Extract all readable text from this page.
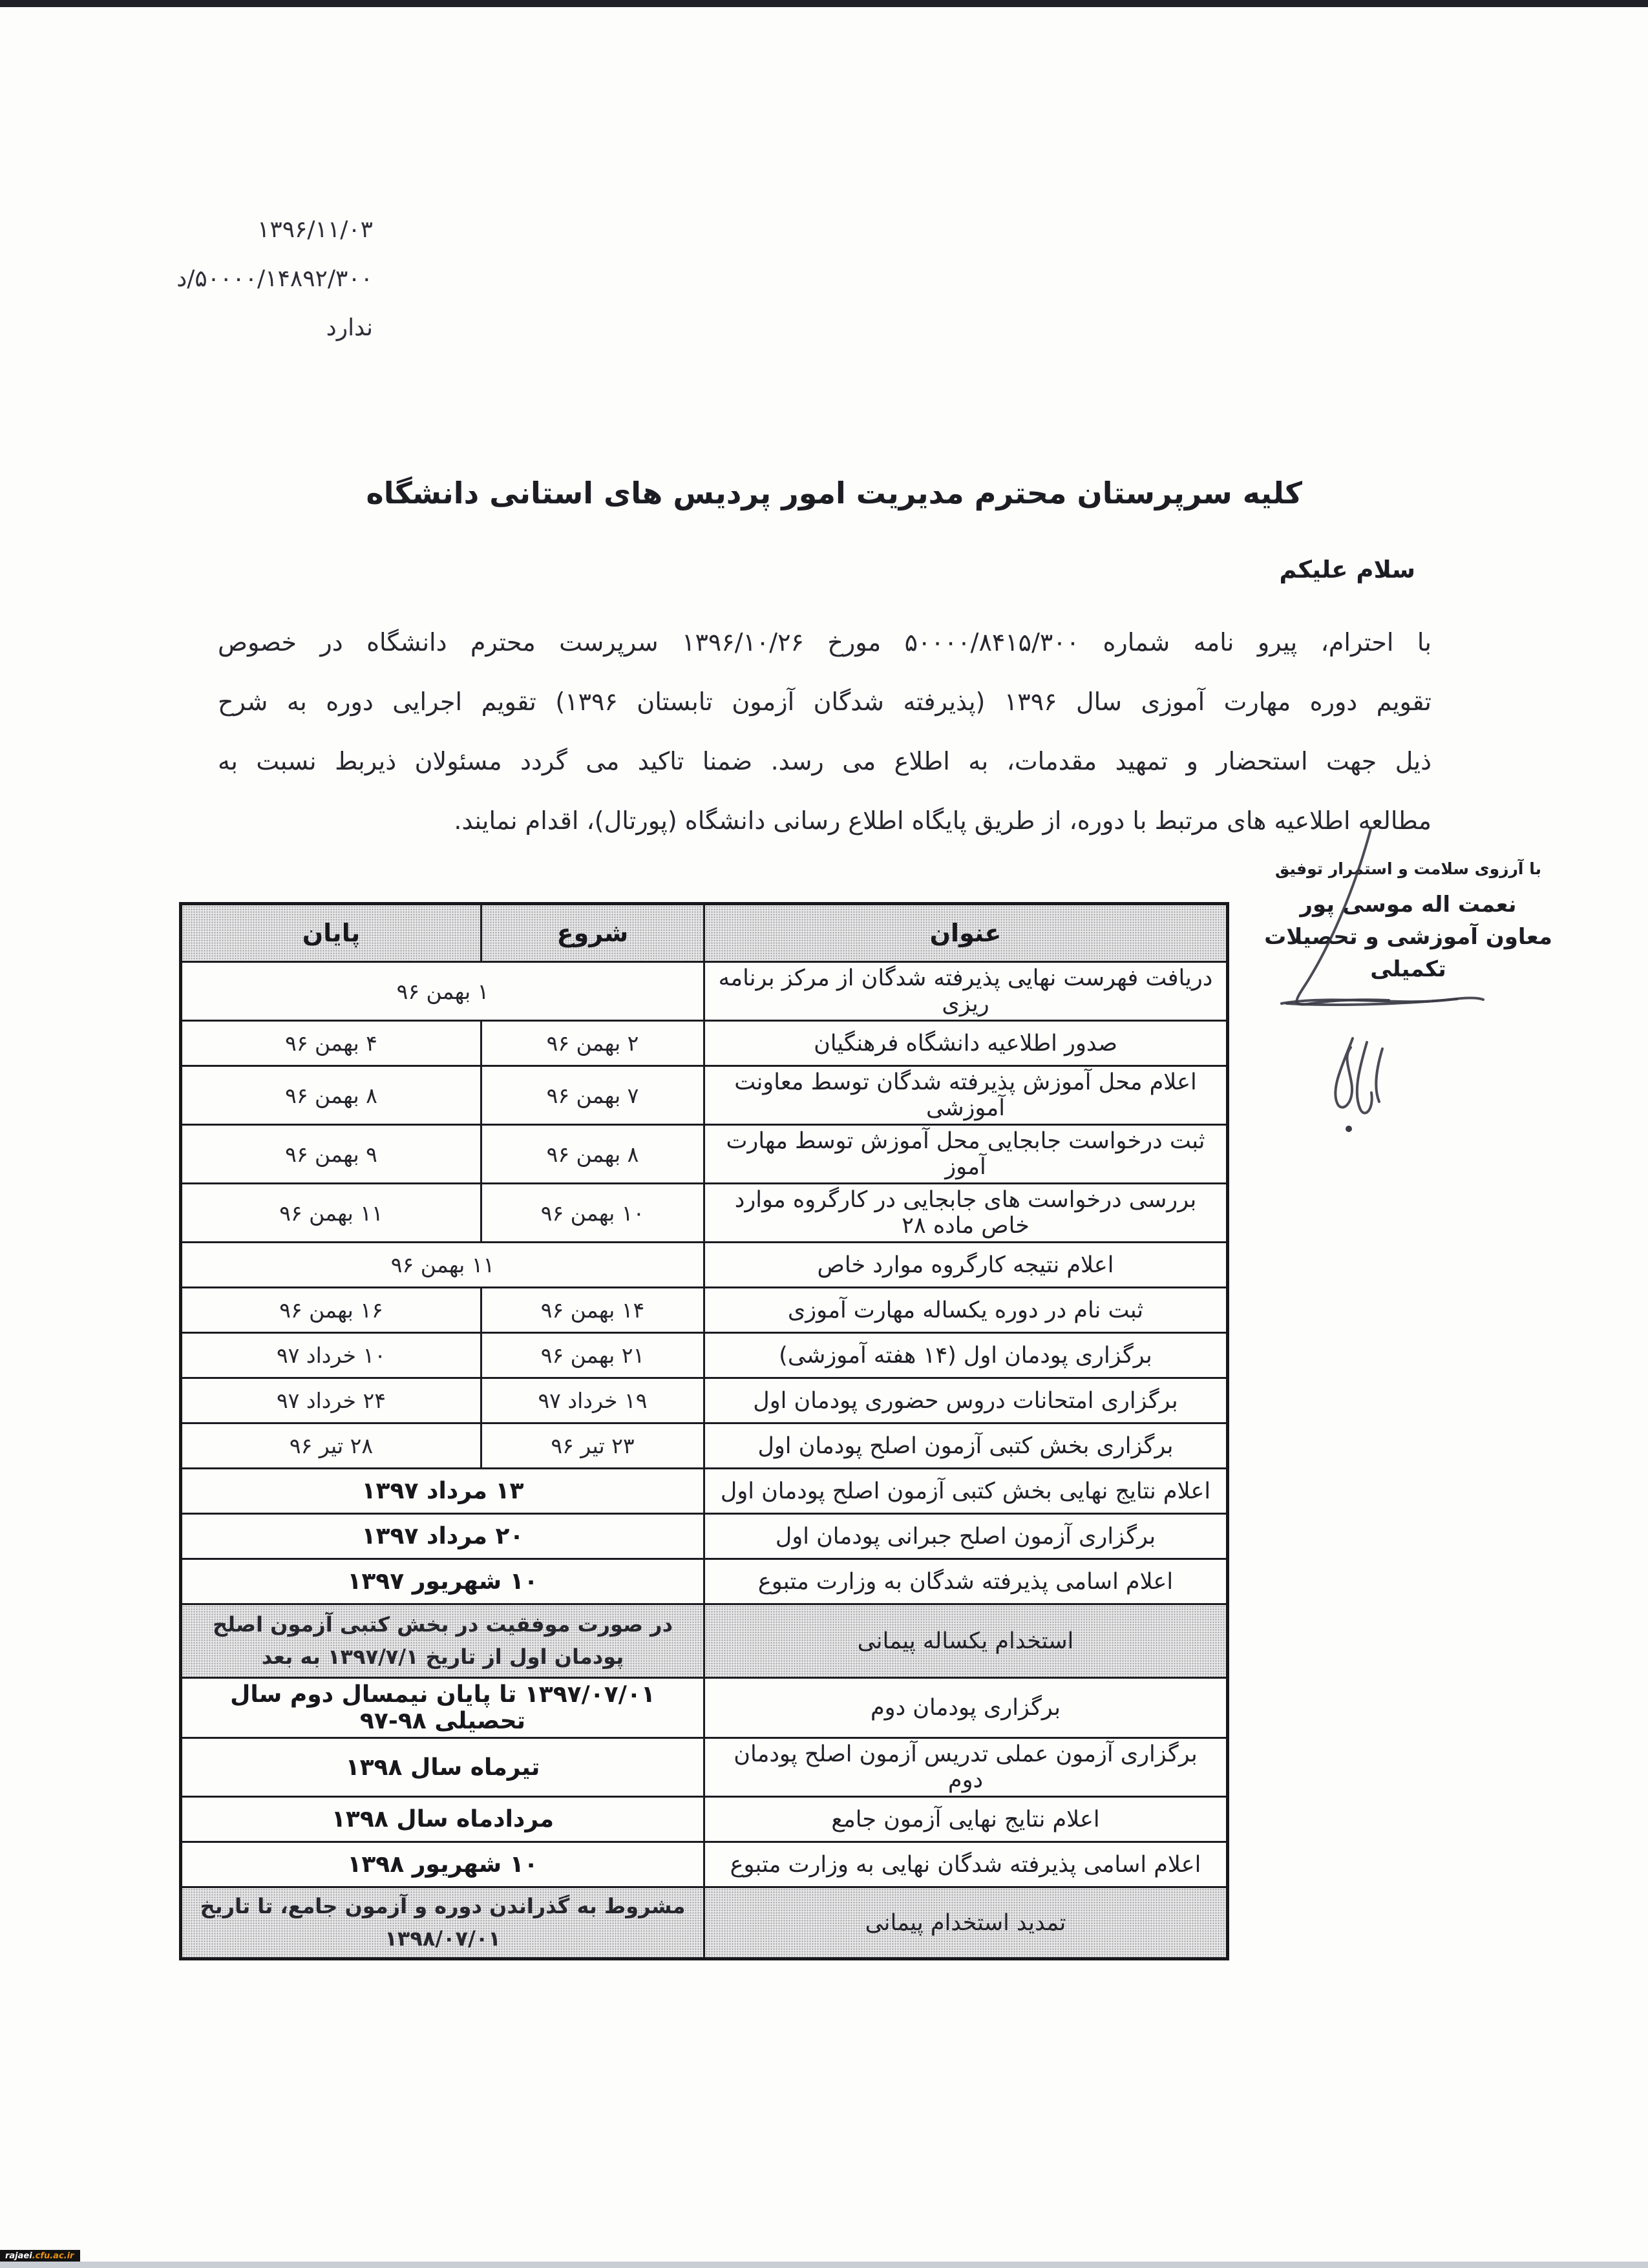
۱۳۹۶/۱۱/۰۳
۵۰۰۰۰/۱۴۸۹۲/۳۰۰/د
ندارد
کلیه سرپرستان محترم مدیریت امور پردیس های استانی دانشگاه
سلام علیکم
با احترام، پیرو نامه شماره ۵۰۰۰۰/۸۴۱۵/۳۰۰ مورخ ۱۳۹۶/۱۰/۲۶ سرپرست محترم دانشگاه در خصوص
تقویم دوره مهارت آموزی سال ۱۳۹۶ (پذیرفته شدگان آزمون تابستان ۱۳۹۶) تقویم اجرایی دوره به شرح
ذیل جهت استحضار و تمهید مقدمات، به اطلاع می رسد. ضمنا تاکید می گردد مسئولان ذیربط نسبت به
مطالعه اطلاعیه های مرتبط با دوره، از طریق پایگاه اطلاع رسانی دانشگاه (پورتال)، اقدام نمایند.
با آرزوی سلامت و استمرار توفیق
نعمت اله موسی پور
معاون آموزشی و تحصیلات تکمیلی
عنوان	شروع	پایان
دریافت فهرست نهایی پذیرفته شدگان از مرکز برنامه ریزی	۱ بهمن ۹۶	
صدور اطلاعیه دانشگاه فرهنگیان	۲ بهمن ۹۶	۴ بهمن ۹۶
اعلام محل آموزش پذیرفته شدگان توسط معاونت آموزشی	۷ بهمن ۹۶	۸ بهمن ۹۶
ثبت درخواست جابجایی محل آموزش توسط مهارت آموز	۸ بهمن ۹۶	۹ بهمن ۹۶
بررسی درخواست های جابجایی در کارگروه موارد خاص ماده ۲۸	۱۰ بهمن ۹۶	۱۱ بهمن ۹۶
اعلام نتیجه کارگروه موارد خاص	۱۱ بهمن ۹۶	
ثبت نام در دوره یکساله مهارت آموزی	۱۴ بهمن ۹۶	۱۶ بهمن ۹۶
برگزاری پودمان اول (۱۴ هفته آموزشی)	۲۱ بهمن ۹۶	۱۰ خرداد ۹۷
برگزاری امتحانات دروس حضوری پودمان اول	۱۹ خرداد ۹۷	۲۴ خرداد ۹۷
برگزاری بخش کتبی آزمون اصلح پودمان اول	۲۳ تیر ۹۶	۲۸ تیر ۹۶
اعلام نتایج نهایی بخش کتبی آزمون اصلح پودمان اول	۱۳ مرداد ۱۳۹۷	
برگزاری آزمون اصلح جبرانی پودمان اول	۲۰ مرداد ۱۳۹۷	
اعلام اسامی پذیرفته شدگان به وزارت متبوع	۱۰ شهریور ۱۳۹۷	
استخدام یکساله پیمانی	در صورت موفقیت در بخش کتبی آزمون اصلح پودمان اول از تاریخ ۱۳۹۷/۷/۱ به بعد	
برگزاری پودمان دوم	۱۳۹۷/۰۷/۰۱ تا پایان نیمسال دوم سال تحصیلی ۹۸-۹۷	
برگزاری آزمون عملی تدریس آزمون اصلح پودمان دوم	تیرماه سال ۱۳۹۸	
اعلام نتایج نهایی آزمون جامع	مردادماه سال ۱۳۹۸	
اعلام اسامی پذیرفته شدگان نهایی به وزارت متبوع	۱۰ شهریور ۱۳۹۸	
تمدید استخدام پیمانی	مشروط به گذراندن دوره و آزمون جامع، تا تاریخ ۱۳۹۸/۰۷/۰۱	
rajaei.cfu.ac.ir
